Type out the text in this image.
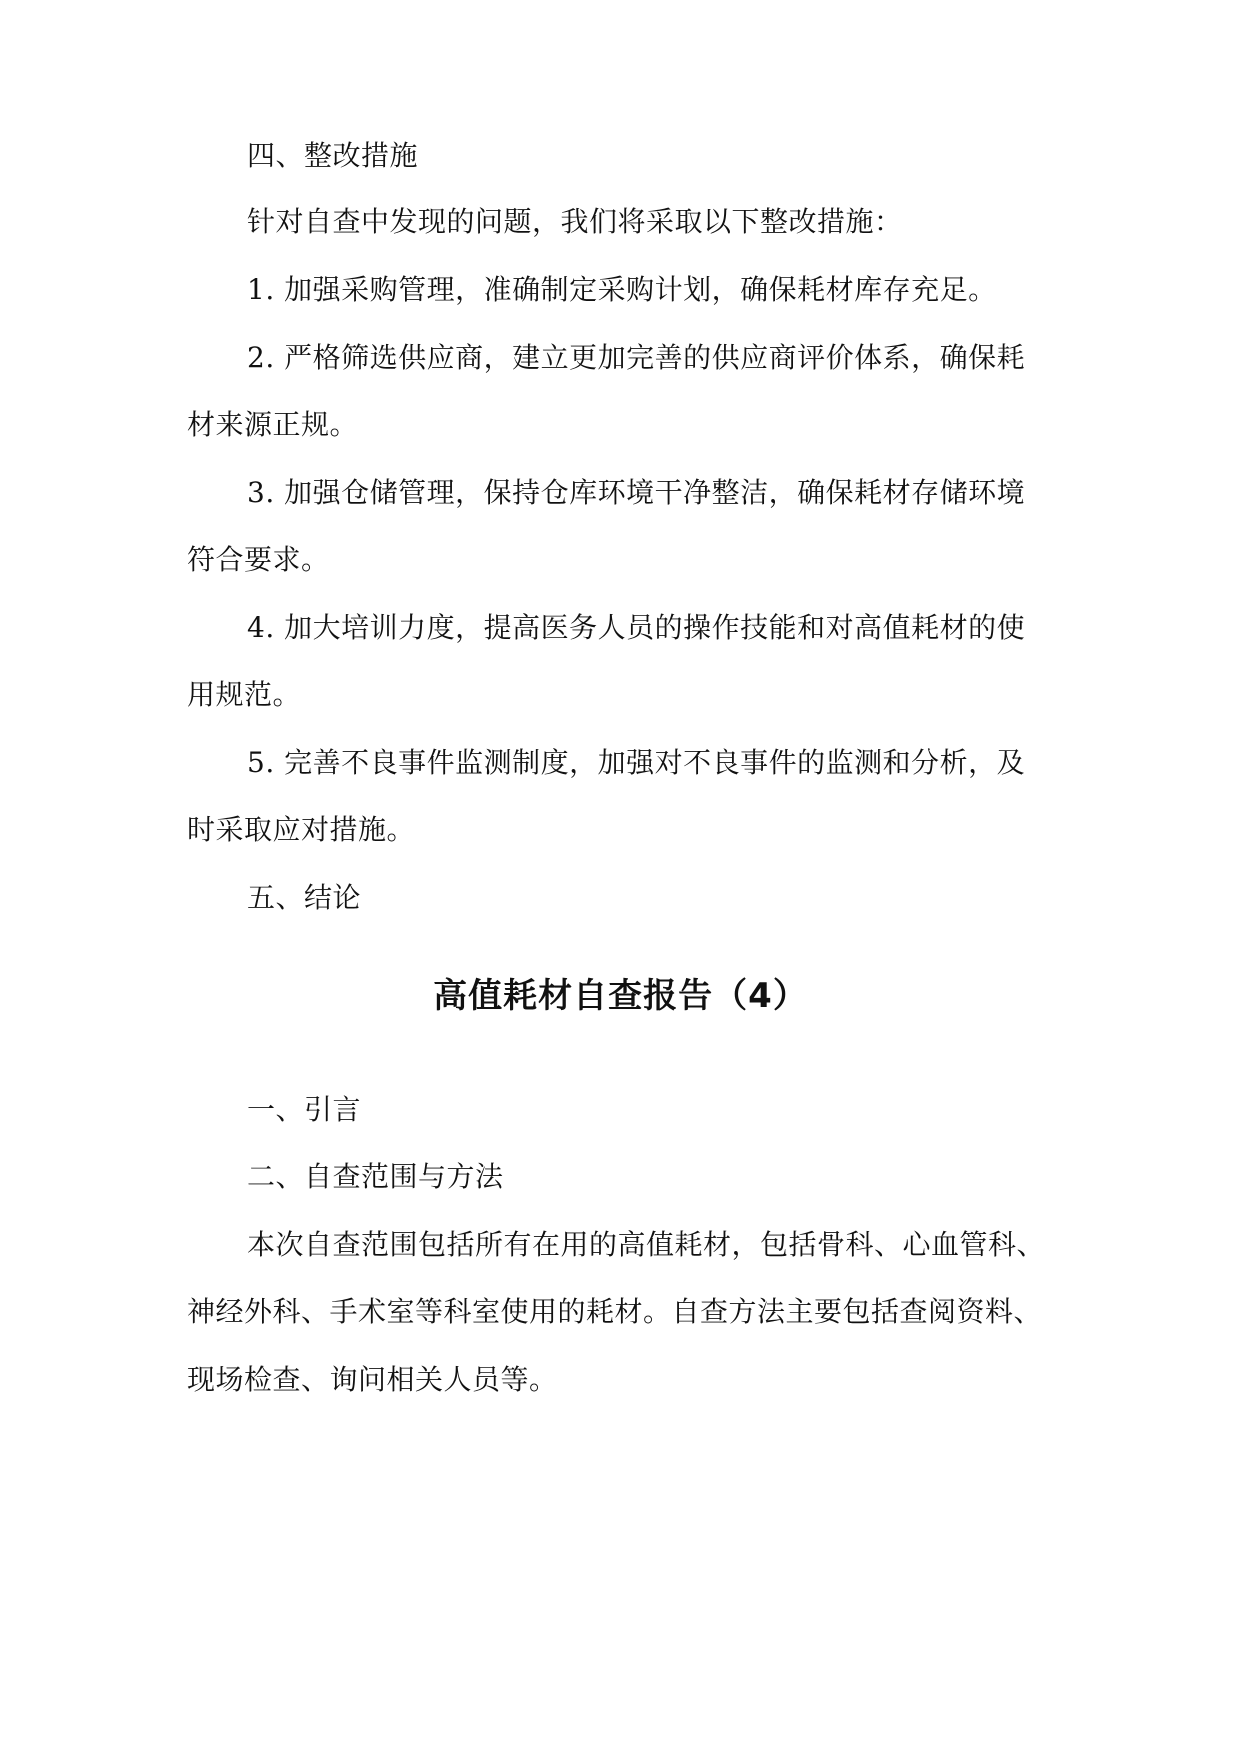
四、整改措施
针对自查中发现的问题，我们将采取以下整改措施：
1. 加强采购管理，准确制定采购计划，确保耗材库存充足。
2. 严格筛选供应商，建立更加完善的供应商评价体系，确保耗
材来源正规。
3. 加强仓储管理，保持仓库环境干净整洁，确保耗材存储环境
符合要求。
4. 加大培训力度，提高医务人员的操作技能和对高值耗材的使
用规范。
5. 完善不良事件监测制度，加强对不良事件的监测和分析，及
时采取应对措施。
五、结论
高值耗材自查报告（4）
一、引言
二、自查范围与方法
本次自查范围包括所有在用的高值耗材，包括骨科、心血管科、
神经外科、手术室等科室使用的耗材。自查方法主要包括查阅资料、
现场检查、询问相关人员等。
